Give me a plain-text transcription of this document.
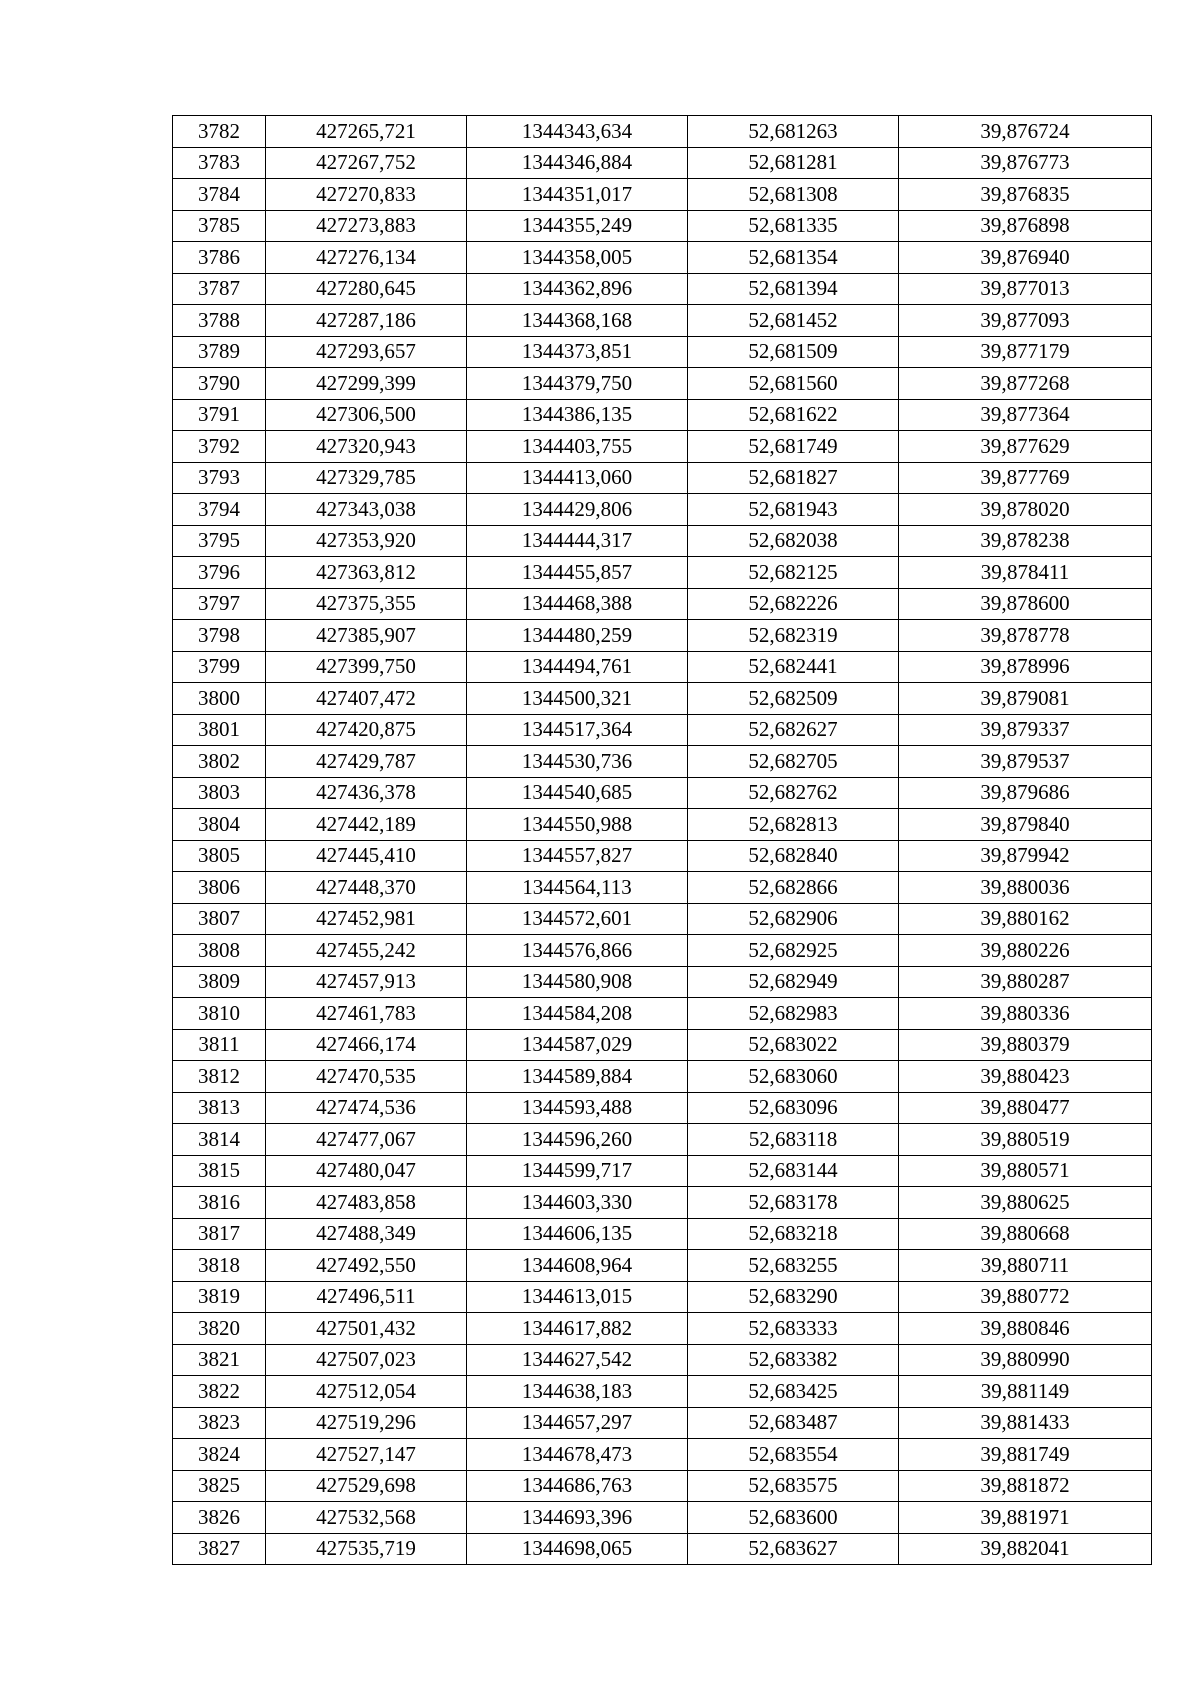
3782	427265,721	1344343,634	52,681263	39,876724
3783	427267,752	1344346,884	52,681281	39,876773
3784	427270,833	1344351,017	52,681308	39,876835
3785	427273,883	1344355,249	52,681335	39,876898
3786	427276,134	1344358,005	52,681354	39,876940
3787	427280,645	1344362,896	52,681394	39,877013
3788	427287,186	1344368,168	52,681452	39,877093
3789	427293,657	1344373,851	52,681509	39,877179
3790	427299,399	1344379,750	52,681560	39,877268
3791	427306,500	1344386,135	52,681622	39,877364
3792	427320,943	1344403,755	52,681749	39,877629
3793	427329,785	1344413,060	52,681827	39,877769
3794	427343,038	1344429,806	52,681943	39,878020
3795	427353,920	1344444,317	52,682038	39,878238
3796	427363,812	1344455,857	52,682125	39,878411
3797	427375,355	1344468,388	52,682226	39,878600
3798	427385,907	1344480,259	52,682319	39,878778
3799	427399,750	1344494,761	52,682441	39,878996
3800	427407,472	1344500,321	52,682509	39,879081
3801	427420,875	1344517,364	52,682627	39,879337
3802	427429,787	1344530,736	52,682705	39,879537
3803	427436,378	1344540,685	52,682762	39,879686
3804	427442,189	1344550,988	52,682813	39,879840
3805	427445,410	1344557,827	52,682840	39,879942
3806	427448,370	1344564,113	52,682866	39,880036
3807	427452,981	1344572,601	52,682906	39,880162
3808	427455,242	1344576,866	52,682925	39,880226
3809	427457,913	1344580,908	52,682949	39,880287
3810	427461,783	1344584,208	52,682983	39,880336
3811	427466,174	1344587,029	52,683022	39,880379
3812	427470,535	1344589,884	52,683060	39,880423
3813	427474,536	1344593,488	52,683096	39,880477
3814	427477,067	1344596,260	52,683118	39,880519
3815	427480,047	1344599,717	52,683144	39,880571
3816	427483,858	1344603,330	52,683178	39,880625
3817	427488,349	1344606,135	52,683218	39,880668
3818	427492,550	1344608,964	52,683255	39,880711
3819	427496,511	1344613,015	52,683290	39,880772
3820	427501,432	1344617,882	52,683333	39,880846
3821	427507,023	1344627,542	52,683382	39,880990
3822	427512,054	1344638,183	52,683425	39,881149
3823	427519,296	1344657,297	52,683487	39,881433
3824	427527,147	1344678,473	52,683554	39,881749
3825	427529,698	1344686,763	52,683575	39,881872
3826	427532,568	1344693,396	52,683600	39,881971
3827	427535,719	1344698,065	52,683627	39,882041
